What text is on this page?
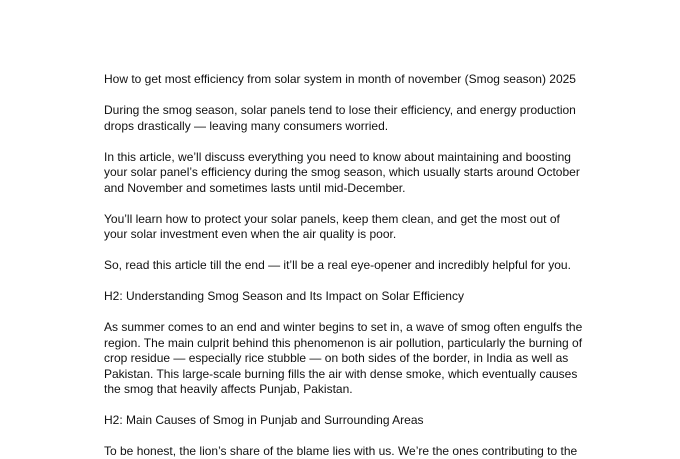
How to get most efficiency from solar system in month of november (Smog season) 2025

During the smog season, solar panels tend to lose their efficiency, and energy production drops drastically — leaving many consumers worried.

In this article, we’ll discuss everything you need to know about maintaining and boosting your solar panel’s efficiency during the smog season, which usually starts around October and November and sometimes lasts until mid-December.

You’ll learn how to protect your solar panels, keep them clean, and get the most out of your solar investment even when the air quality is poor.

So, read this article till the end — it’ll be a real eye-opener and incredibly helpful for you.

H2: Understanding Smog Season and Its Impact on Solar Efficiency

As summer comes to an end and winter begins to set in, a wave of smog often engulfs the region. The main culprit behind this phenomenon is air pollution, particularly the burning of crop residue — especially rice stubble — on both sides of the border, in India as well as Pakistan. This large-scale burning fills the air with dense smoke, which eventually causes the smog that heavily affects Punjab, Pakistan.

H2: Main Causes of Smog in Punjab and Surrounding Areas

To be honest, the lion’s share of the blame lies with us. We’re the ones contributing to the
